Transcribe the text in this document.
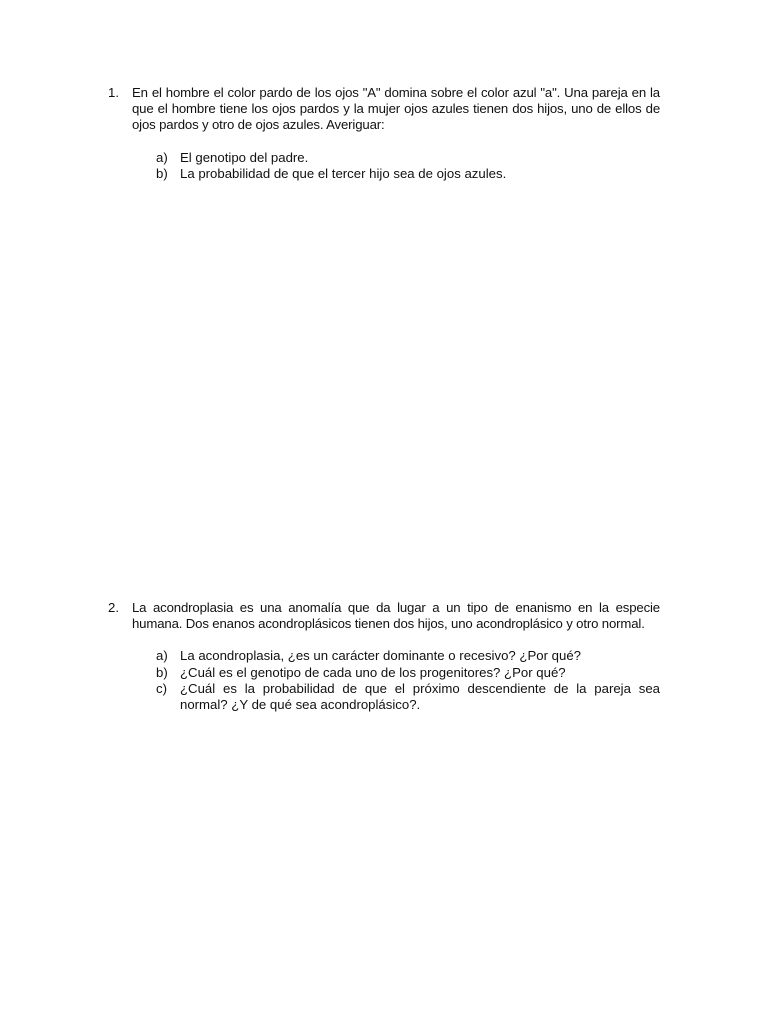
1. En el hombre el color pardo de los ojos "A" domina sobre el color azul "a". Una pareja en la que el hombre tiene los ojos pardos y la mujer ojos azules tienen dos hijos, uno de ellos de ojos pardos y otro de ojos azules. Averiguar:
a) El genotipo del padre.
b) La probabilidad de que el tercer hijo sea de ojos azules.
2. La acondroplasia es una anomalía que da lugar a un tipo de enanismo en la especie humana. Dos enanos acondroplásicos tienen dos hijos, uno acondroplásico y otro normal.
a) La acondroplasia, ¿es un carácter dominante o recesivo? ¿Por qué?
b) ¿Cuál es el genotipo de cada uno de los progenitores? ¿Por qué?
c) ¿Cuál es la probabilidad de que el próximo descendiente de la pareja sea normal? ¿Y de qué sea acondroplásico?.
